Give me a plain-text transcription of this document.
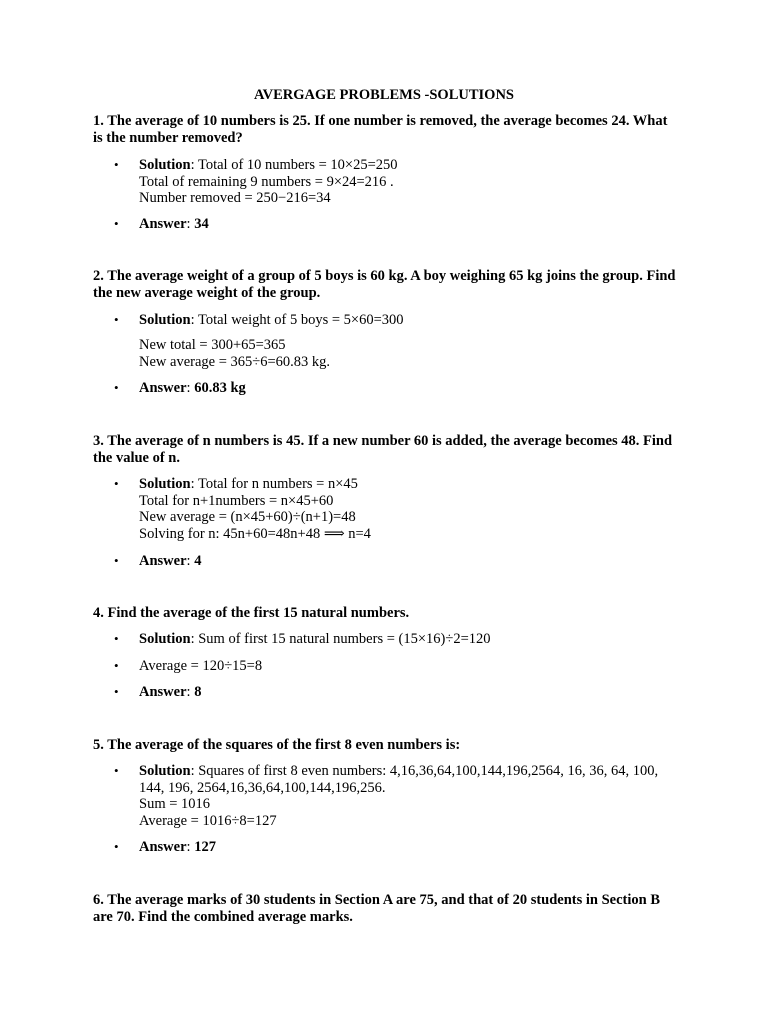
AVERGAGE PROBLEMS -SOLUTIONS

1. The average of 10 numbers is 25. If one number is removed, the average becomes 24. What is the number removed?

• Solution: Total of 10 numbers = 10×25=250
Total of remaining 9 numbers = 9×24=216 .
Number removed = 250−216=34
• Answer: 34

2. The average weight of a group of 5 boys is 60 kg. A boy weighing 65 kg joins the group. Find the new average weight of the group.

• Solution: Total weight of 5 boys = 5×60=300
New total = 300+65=365
New average = 365÷6=60.83 kg.
• Answer: 60.83 kg

3. The average of n numbers is 45. If a new number 60 is added, the average becomes 48. Find the value of n.

• Solution: Total for n numbers = n×45
Total for n+1numbers = n×45+60
New average = (n×45+60)÷(n+1)=48
Solving for n: 45n+60=48n+48 ⟹ n=4
• Answer: 4

4. Find the average of the first 15 natural numbers.

• Solution: Sum of first 15 natural numbers = (15×16)÷2=120
• Average = 120÷15=8
• Answer: 8

5. The average of the squares of the first 8 even numbers is:

• Solution: Squares of first 8 even numbers: 4,16,36,64,100,144,196,2564, 16, 36, 64, 100,
144, 196, 2564,16,36,64,100,144,196,256.
Sum = 1016
Average = 1016÷8=127
• Answer: 127

6. The average marks of 30 students in Section A are 75, and that of 20 students in Section B are 70. Find the combined average marks.
